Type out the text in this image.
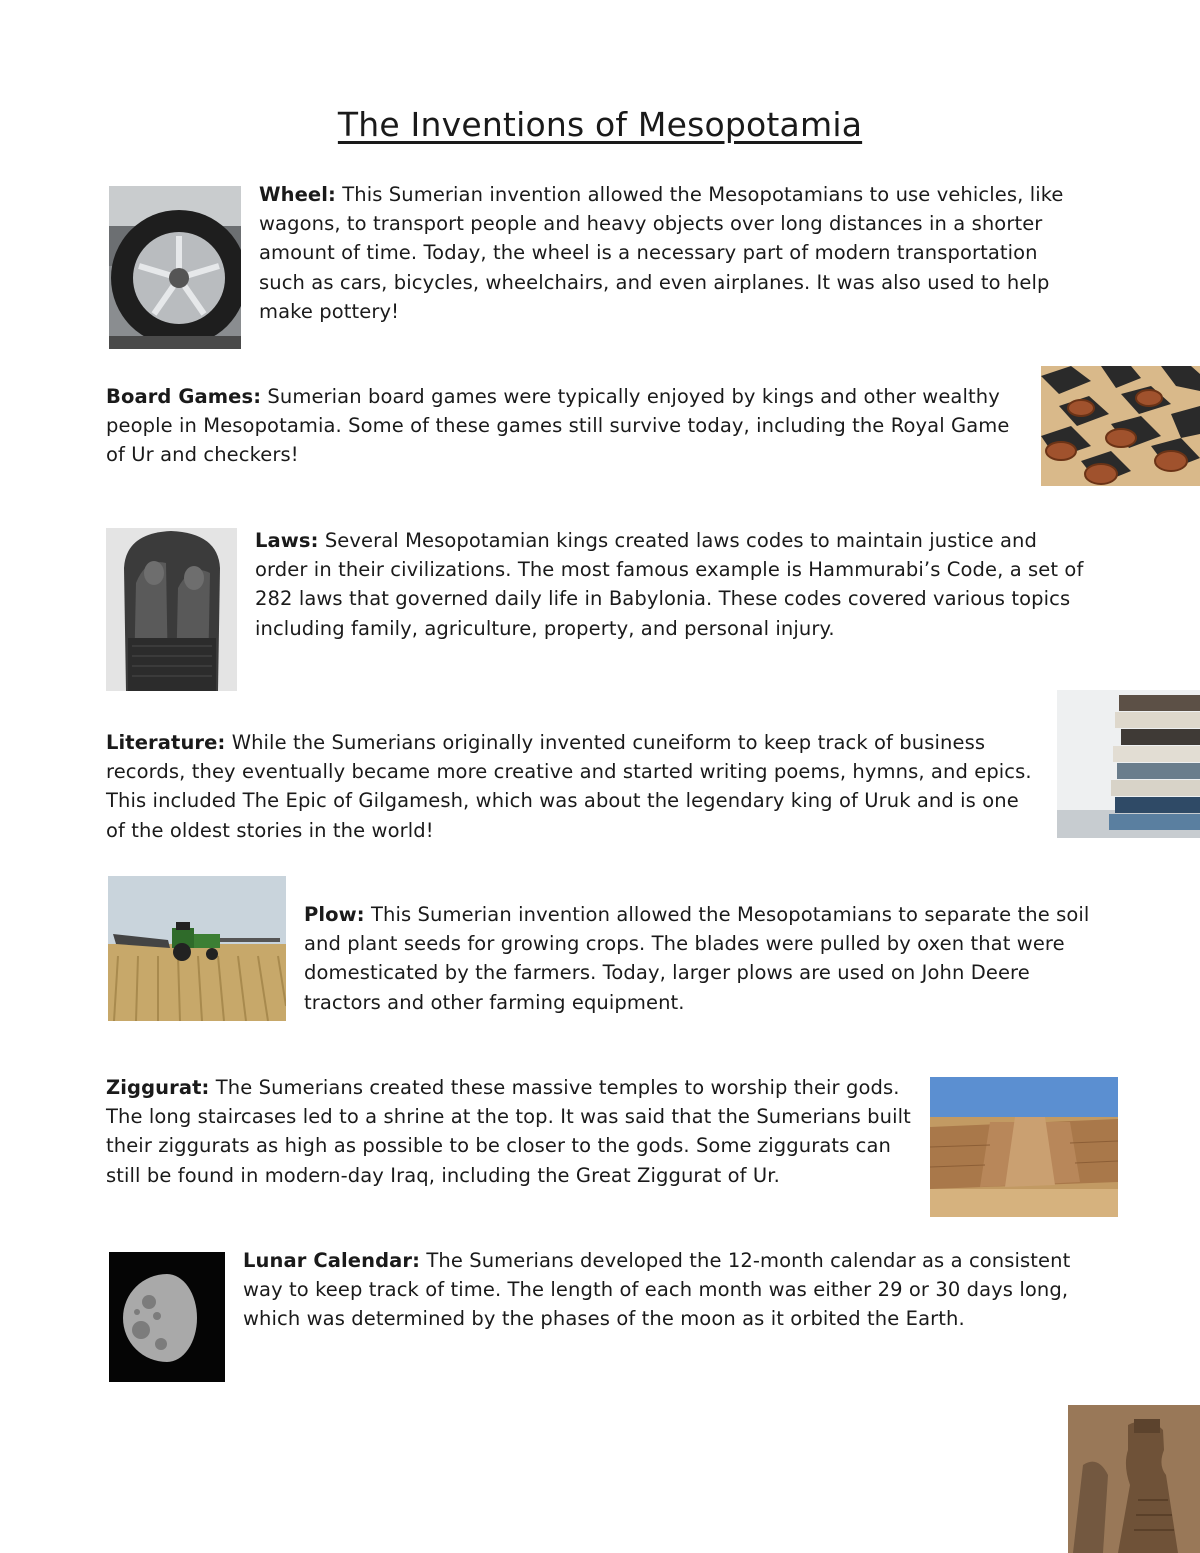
The Inventions of Mesopotamia

Wheel: This Sumerian invention allowed the Mesopotamians to use vehicles, like wagons, to transport people and heavy objects over long distances in a shorter amount of time. Today, the wheel is a necessary part of modern transportation such as cars, bicycles, wheelchairs, and even airplanes. It was also used to help make pottery!

Board Games: Sumerian board games were typically enjoyed by kings and other wealthy people in Mesopotamia. Some of these games still survive today, including the Royal Game of Ur and checkers!

Laws: Several Mesopotamian kings created laws codes to maintain justice and order in their civilizations. The most famous example is Hammurabi’s Code, a set of 282 laws that governed daily life in Babylonia. These codes covered various topics including family, agriculture, property, and personal injury.

Literature: While the Sumerians originally invented cuneiform to keep track of business records, they eventually became more creative and started writing poems, hymns, and epics. This included The Epic of Gilgamesh, which was about the legendary king of Uruk and is one of the oldest stories in the world!

Plow: This Sumerian invention allowed the Mesopotamians to separate the soil and plant seeds for growing crops. The blades were pulled by oxen that were domesticated by the farmers. Today, larger plows are used on John Deere tractors and other farming equipment.

Ziggurat: The Sumerians created these massive temples to worship their gods. The long staircases led to a shrine at the top. It was said that the Sumerians built their ziggurats as high as possible to be closer to the gods. Some ziggurats can still be found in modern-day Iraq, including the Great Ziggurat of Ur.

Lunar Calendar: The Sumerians developed the 12-month calendar as a consistent way to keep track of time. The length of each month was either 29 or 30 days long, which was determined by the phases of the moon as it orbited the Earth.
